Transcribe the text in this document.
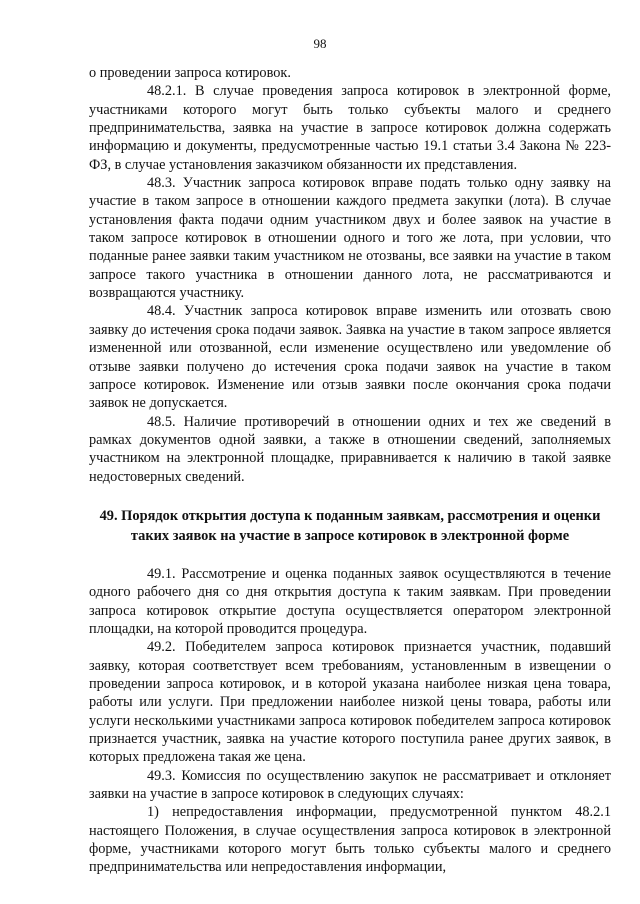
98

о проведении запроса котировок.

48.2.1. В случае проведения запроса котировок в электронной форме, участниками которого могут быть только субъекты малого и среднего предпринимательства, заявка на участие в запросе котировок должна содержать информацию и документы, предусмотренные частью 19.1 статьи 3.4 Закона № 223-ФЗ, в случае установления заказчиком обязанности их представления.

48.3. Участник запроса котировок вправе подать только одну заявку на участие в таком запросе в отношении каждого предмета закупки (лота). В случае установления факта подачи одним участником двух и более заявок на участие в таком запросе котировок в отношении одного и того же лота, при условии, что поданные ранее заявки таким участником не отозваны, все заявки на участие в таком запросе такого участника в отношении данного лота, не рассматриваются и возвращаются участнику.

48.4. Участник запроса котировок вправе изменить или отозвать свою заявку до истечения срока подачи заявок. Заявка на участие в таком запросе является измененной или отозванной, если изменение осуществлено или уведомление об отзыве заявки получено до истечения срока подачи заявок на участие в таком запросе котировок. Изменение или отзыв заявки после окончания срока подачи заявок не допускается.

48.5. Наличие противоречий в отношении одних и тех же сведений в рамках документов одной заявки, а также в отношении сведений, заполняемых участником на электронной площадке, приравнивается к наличию в такой заявке недостоверных сведений.

49. Порядок открытия доступа к поданным заявкам, рассмотрения и оценки таких заявок на участие в запросе котировок в электронной форме

49.1. Рассмотрение и оценка поданных заявок осуществляются в течение одного рабочего дня со дня открытия доступа к таким заявкам. При проведении запроса котировок открытие доступа осуществляется оператором электронной площадки, на которой проводится процедура.

49.2. Победителем запроса котировок признается участник, подавший заявку, которая соответствует всем требованиям, установленным в извещении о проведении запроса котировок, и в которой указана наиболее низкая цена товара, работы или услуги. При предложении наиболее низкой цены товара, работы или услуги несколькими участниками запроса котировок победителем запроса котировок признается участник, заявка на участие которого поступила ранее других заявок, в которых предложена такая же цена.

49.3. Комиссия по осуществлению закупок не рассматривает и отклоняет заявки на участие в запросе котировок в следующих случаях:

1) непредоставления информации, предусмотренной пунктом 48.2.1 настоящего Положения, в случае осуществления запроса котировок в электронной форме, участниками которого могут быть только субъекты малого и среднего предпринимательства или непредоставления информации,
